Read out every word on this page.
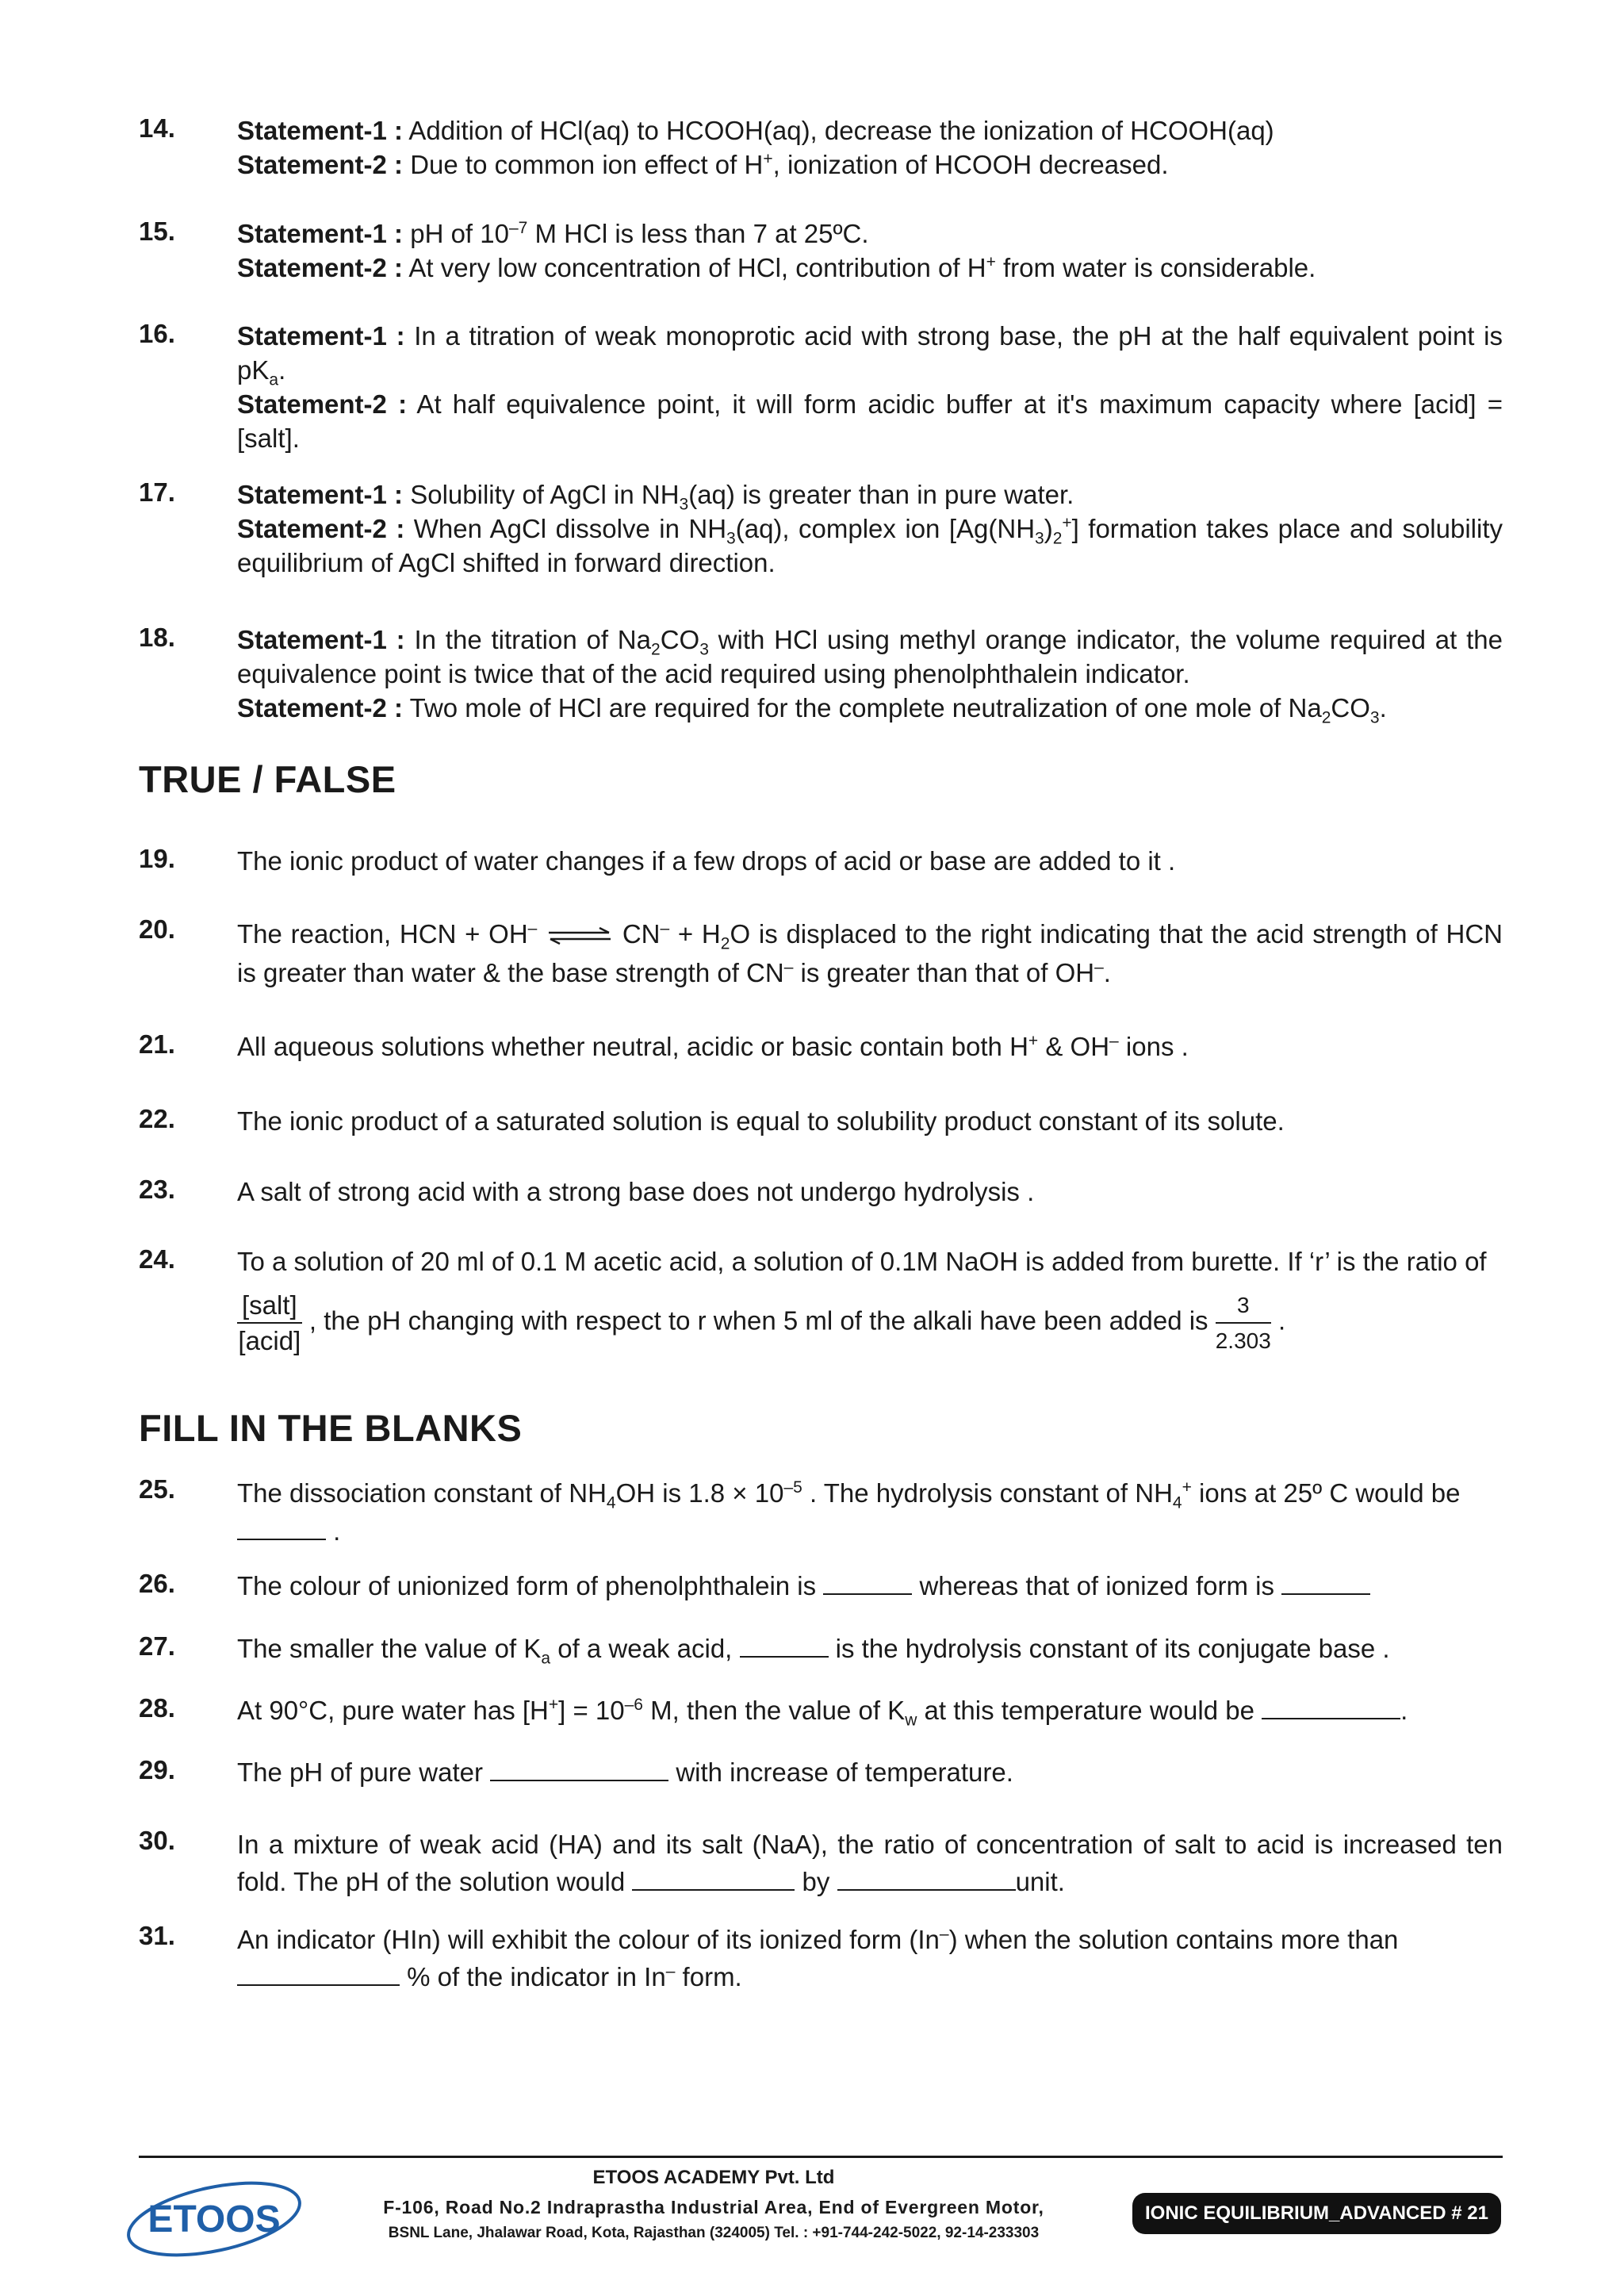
14. Statement-1 : Addition of HCl(aq) to HCOOH(aq), decrease the ionization of HCOOH(aq)

Statement-2 : Due to common ion effect of H+, ionization of HCOOH decreased.

15. Statement-1 : pH of $10^{-7}$ M HCl is less than 7 at 25ºC.

Statement-2 : At very low concentration of HCl, contribution of H+ from water is considerable.

16. Statement-1 : In a titration of weak monoprotic acid with strong base, the pH at the half equivalent point is $pK_a$.

Statement-2 : At half equivalence point, it will form acidic buffer at it's maximum capacity where [acid] = [salt].

17. Statement-1 : Solubility of AgCl in $NH_3(aq)$ is greater than in pure water.

Statement-2 : When AgCl dissolve in $NH_3(aq)$, complex ion $[Ag(NH_3)_2^+]$ formation takes place and solubility equilibrium of AgCl shifted in forward direction.

18. Statement-1 : In the titration of $Na_2CO_3$ with HCl using methyl orange indicator, the volume required at the equivalence point is twice that of the acid required using phenolphthalein indicator.

Statement-2 : Two mole of HCl are required for the complete neutralization of one mole of $Na_2CO_3$.

TRUE / FALSE
19. The ionic product of water changes if a few drops of acid or base are added to it .
20. The reaction, HCN + OH– ⇌ $CN^- + H_2O$ is displaced to the right indicating that the acid strength of HCN is greater than water & the base strength of CN– is greater than that of OH–.
21. All aqueous solutions whether neutral, acidic or basic contain both H+ & OH– ions .
22. The ionic product of a saturated solution is equal to solubility product constant of its solute.
23. A salt of strong acid with a strong base does not undergo hydrolysis .
24. To a solution of 20 ml of 0.1 M acetic acid, a solution of 0.1M NaOH is added from burette. If ‘r’ is the ratio of
$\frac{\text{[salt]}}{\text{[acid]}}$ , the pH changing with respect to r when 5 ml of the alkali have been added is $\frac{3}{2.303}$ .
FILL IN THE BLANKS
25. The dissociation constant of $NH_4OH$ is $1.8 \times 10^{-5}$ . The hydrolysis constant of $NH_4^+$ ions at 25º C would be
.
26. The colour of unionized form of phenolphthalein is	whereas that of ionized form is
27. The smaller the value of $K_a$ of a weak acid,	is the hydrolysis constant of its conjugate base .
28. At 90°C, pure water has $[H^+] = 10^{-6}$ M, then the value of $K_w$ at this temperature would be	.
29. The pH of pure water	with increase of temperature.
30. In a mixture of weak acid (HA) and its salt (NaA), the ratio of concentration of salt to acid is increased ten fold. The pH of the solution would	by	unit.
31. An indicator (HIn) will exhibit the colour of its ionized form (In–) when the solution contains more than
% of the indicator in In– form.
ETOOS
ETOOS ACADEMY Pvt. Ltd
F-106, Road No.2 Indraprastha Industrial Area, End of Evergreen Motor,
BSNL Lane, Jhalawar Road, Kota, Rajasthan (324005) Tel. : +91-744-242-5022, 92-14-233303
IONIC EQUILIBRIUM_ADVANCED # 21
